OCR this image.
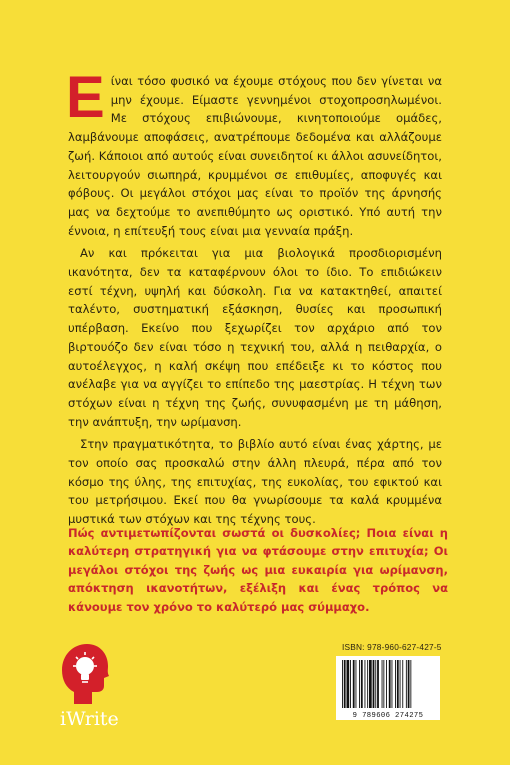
Είναι τόσο φυσικό να έχουμε στόχους που δεν γίνεται να μην έχουμε. Είμαστε γεννημένοι στοχοπροσηλωμένοι. Με στόχους επιβιώνουμε, κινητοποιούμε ομάδες, λαμβάνουμε αποφάσεις, ανατρέπουμε δεδομένα και αλλάζουμε ζωή. Κάποιοι από αυτούς είναι συνειδητοί κι άλλοι ασυνείδητοι, λειτουργούν σιωπηρά, κρυμμένοι σε επιθυμίες, αποφυγές και φόβους. Οι μεγάλοι στόχοι μας είναι το προϊόν της άρνησής μας να δεχτούμε το ανεπιθύμητο ως οριστικό. Υπό αυτή την έννοια, η επίτευξή τους είναι μια γενναία πράξη.

Αν και πρόκειται για μια βιολογικά προσδιορισμένη ικανότητα, δεν τα καταφέρνουν όλοι το ίδιο. Το επιδιώκειν εστί τέχνη, υψηλή και δύσκολη. Για να κατακτηθεί, απαιτεί ταλέντο, συστηματική εξάσκηση, θυσίες και προσωπική υπέρβαση. Εκείνο που ξεχωρίζει τον αρχάριο από τον βιρτουόζο δεν είναι τόσο η τεχνική του, αλλά η πειθαρχία, ο αυτοέλεγχος, η καλή σκέψη που επέδειξε κι το κόστος που ανέλαβε για να αγγίζει το επίπεδο της μαεστρίας. Η τέχνη των στόχων είναι η τέχνη της ζωής, συνυφασμένη με τη μάθηση, την ανάπτυξη, την ωρίμανση.

Στην πραγματικότητα, το βιβλίο αυτό είναι ένας χάρτης, με τον οποίο σας προσκαλώ στην άλλη πλευρά, πέρα από τον κόσμο της ύλης, της επιτυχίας, της ευκολίας, του εφικτού και του μετρήσιμου. Εκεί που θα γνωρίσουμε τα καλά κρυμμένα μυστικά των στόχων και της τέχνης τους.

Πώς αντιμετωπίζονται σωστά οι δυσκολίες; Ποια είναι η καλύτερη στρατηγική για να φτάσουμε στην επιτυχία; Οι μεγάλοι στόχοι της ζωής ως μια ευκαιρία για ωρίμανση, απόκτηση ικανοτήτων, εξέλιξη και ένας τρόπος να κάνουμε τον χρόνο το καλύτερό μας σύμμαχο.
iWrite
ISBN: 978-960-627-427-5
9 789606 274275
